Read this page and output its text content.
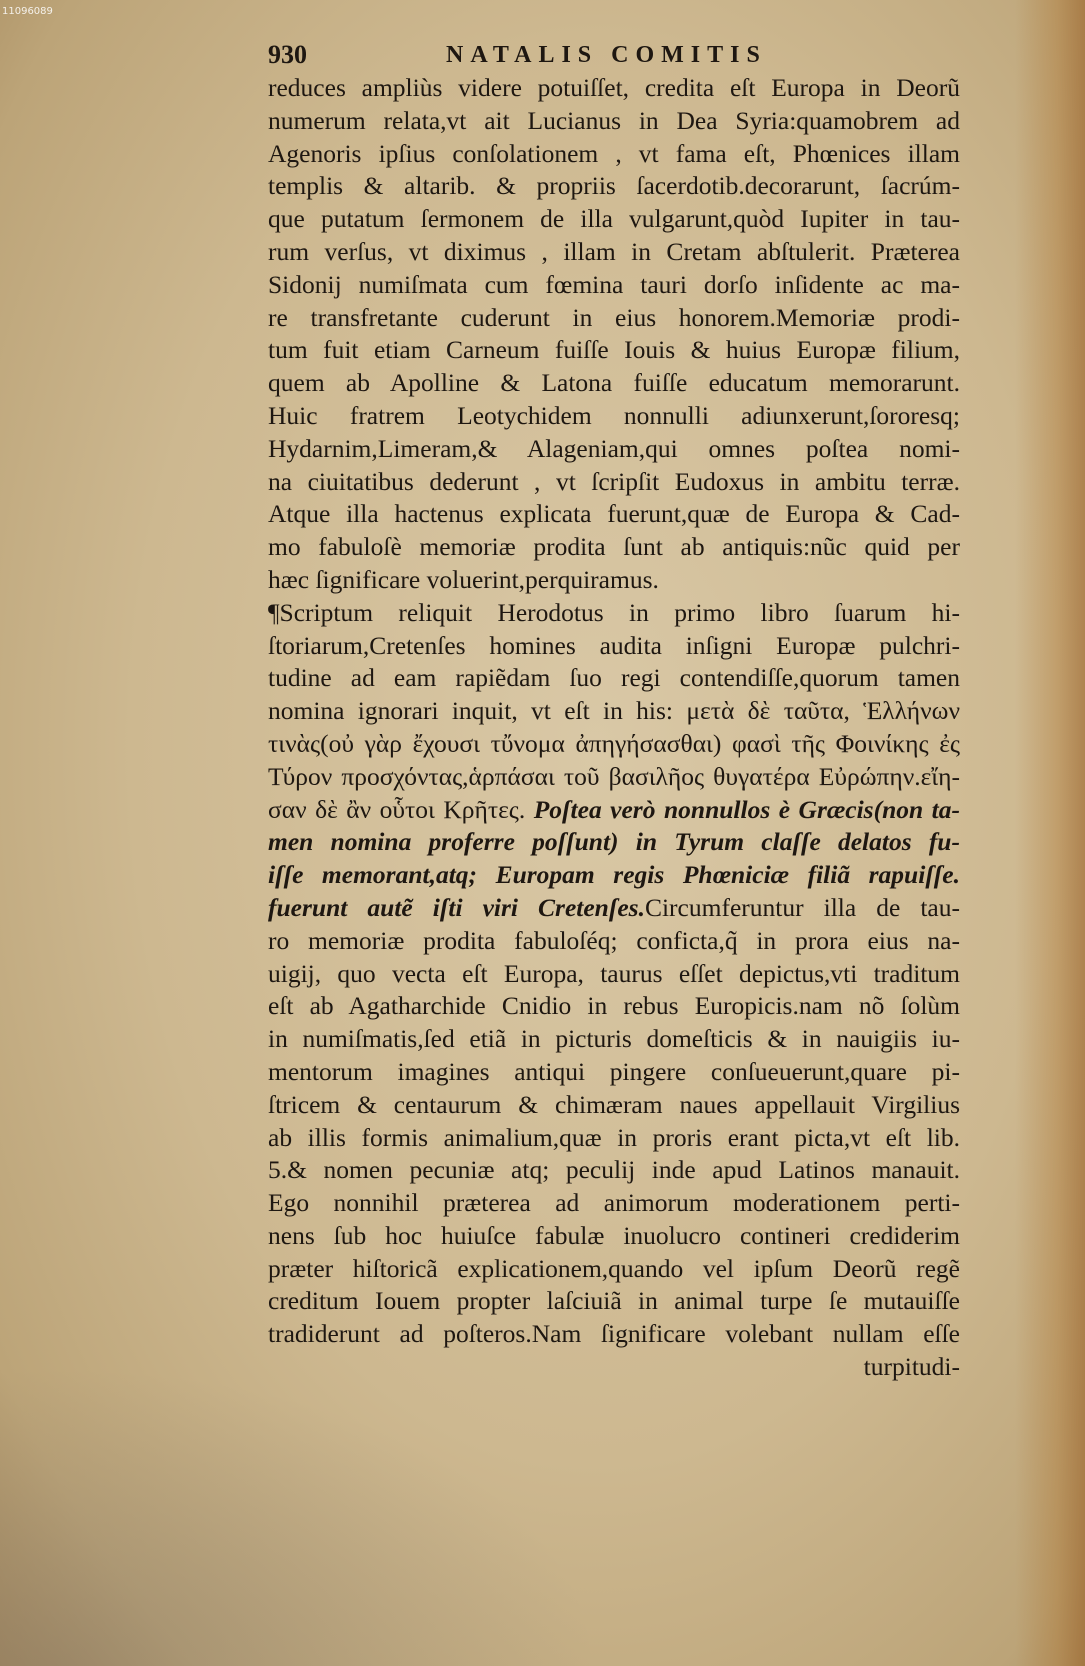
11096089
930	NATALIS COMITIS
reduces ampliùs videre potuiſſet, credita eſt Europa in Deorũ
numerum relata,vt ait Lucianus in Dea Syria:quamobrem ad
Agenoris ipſius conſolationem , vt fama eſt, Phœnices illam
templis & altarib. & propriis ſacerdotib.decorarunt, ſacrúm-
que putatum ſermonem de illa vulgarunt,quòd Iupiter in tau-
rum verſus, vt diximus , illam in Cretam abſtulerit. Præterea
Sidonij numiſmata cum fœmina tauri dorſo inſidente ac ma-
re transfretante cuderunt in eius honorem.Memoriæ prodi-
tum fuit etiam Carneum fuiſſe Iouis & huius Europæ filium,
quem ab Apolline & Latona fuiſſe educatum memorarunt.
Huic fratrem Leotychidem nonnulli adiunxerunt,ſororesq;
Hydarnim,Limeram,& Alageniam,qui omnes poſtea nomi-
na ciuitatibus dederunt , vt ſcripſit Eudoxus in ambitu terræ.
Atque illa hactenus explicata fuerunt,quæ de Europa & Cad-
mo fabuloſè memoriæ prodita ſunt ab antiquis:nũc quid per
hæc ſignificare voluerint,perquiramus.
¶Scriptum reliquit Herodotus in primo libro ſuarum hi-
ſtoriarum,Cretenſes homines audita inſigni Europæ pulchri-
tudine ad eam rapiẽdam ſuo regi contendiſſe,quorum tamen
nomina ignorari inquit, vt eſt in his: μετὰ δὲ ταῦτα, Ἑλλήνων
τινὰς(οὐ γὰρ ἔχουσι τὔνομα ἀπηγήσασθαι) φασὶ τῆς Φοινίκης ἐς
Τύρον προσχόντας,ἁρπάσαι τοῦ βασιλῆος θυγατέρα Εὐρώπην.εἴη-
σαν δὲ ἂν οὗτοι Κρῆτες. Poſtea verò nonnullos è Græcis(non ta-
men nomina proferre poſſunt) in Tyrum claſſe delatos fu-
iſſe memorant,atq; Europam regis Phœniciæ filiã rapuiſſe.
fuerunt autẽ iſti viri Cretenſes.Circumferuntur illa de tau-
ro memoriæ prodita fabuloſéq; conficta,q̃ in prora eius na-
uigij, quo vecta eſt Europa, taurus eſſet depictus,vti traditum
eſt ab Agatharchide Cnidio in rebus Europicis.nam nõ ſolùm
in numiſmatis,ſed etiã in picturis domeſticis & in nauigiis iu-
mentorum imagines antiqui pingere conſueuerunt,quare pi-
ſtricem & centaurum & chimæram naues appellauit Virgilius
ab illis formis animalium,quæ in proris erant picta,vt eſt lib.
5.& nomen pecuniæ atq; peculij inde apud Latinos manauit.
Ego nonnihil præterea ad animorum moderationem perti-
nens ſub hoc huiuſce fabulæ inuolucro contineri crediderim
præter hiſtoricã explicationem,quando vel ipſum Deorũ regẽ
creditum Iouem propter laſciuiã in animal turpe ſe mutauiſſe
tradiderunt ad poſteros.Nam ſignificare volebant nullam eſſe
turpitudi-
